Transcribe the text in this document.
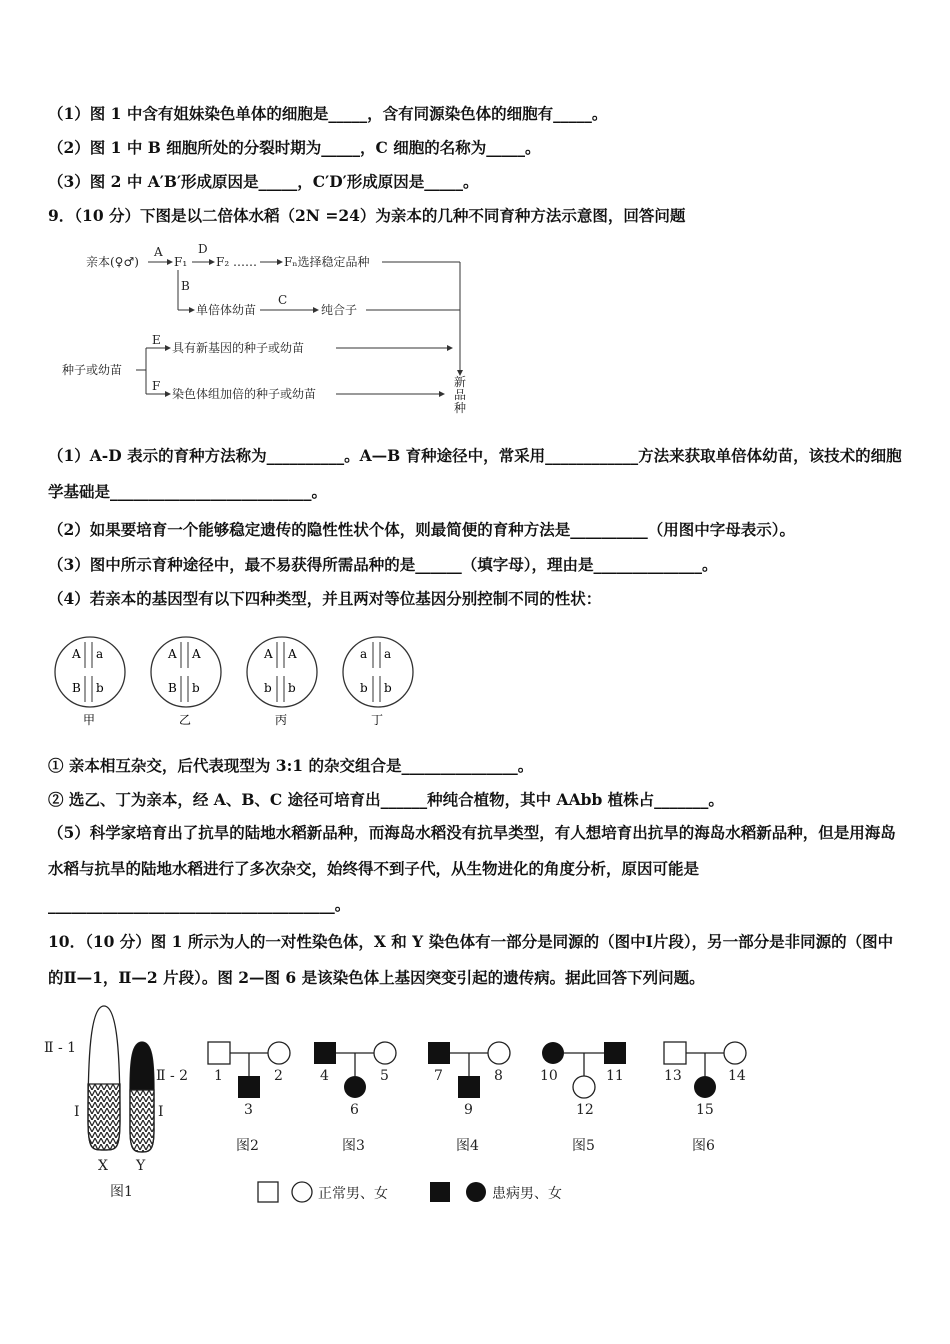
（1）图 1 中含有姐妹染色单体的细胞是_____，含有同源染色体的细胞有_____。
（2）图 1 中 B 细胞所处的分裂时期为_____，C 细胞的名称为_____。
（3）图 2 中 A′B′形成原因是_____，C′D′形成原因是_____。
9．（10 分）下图是以二倍体水稻（2N =24）为亲本的几种不同育种方法示意图，回答问题
亲本(♀♂)
A
F₁
D
F₂ …… Fₙ选择稳定品种
B
单倍体幼苗
C
纯合子
种子或幼苗
E
具有新基因的种子或幼苗
F
染色体组加倍的种子或幼苗
新
品
种
（1）A-D 表示的育种方法称为__________。A—B 育种途径中，常采用____________方法来获取单倍体幼苗，该技术的细胞学基础是__________________________。
（2）如果要培育一个能够稳定遗传的隐性性状个体，则最简便的育种方法是__________（用图中字母表示）。
（3）图中所示育种途径中，最不易获得所需品种的是______（填字母），理由是______________。
（4）若亲本的基因型有以下四种类型，并且两对等位基因分别控制不同的性状：
A a
B b
甲
A A
B b
乙
A A
b b
丙
a a
b b
丁
① 亲本相互杂交，后代表现型为 3:1 的杂交组合是_______________。
② 选乙、丁为亲本，经 A、B、C 途径可培育出______种纯合植物，其中 AAbb 植株占_______。
（5）科学家培育出了抗旱的陆地水稻新品种，而海岛水稻没有抗旱类型，有人想培育出抗旱的海岛水稻新品种，但是用海岛水稻与抗旱的陆地水稻进行了多次杂交，始终得不到子代，从生物进化的角度分析，原因可能是_____________________________________。
10．（10 分）图 1 所示为人的一对性染色体，X 和 Y 染色体有一部分是同源的（图中Ⅰ片段），另一部分是非同源的（图中的Ⅱ—1，Ⅱ—2 片段）。图 2—图 6 是该染色体上基因突变引起的遗传病。据此回答下列问题。
Ⅱ - 1
Ⅱ - 2
Ⅰ	Ⅰ
X Y
图1
1	2
3
图2
4	5
6
图3
7	8
9
图4
10	11
12
图5
13	14
15
图6
正常男、女	患病男、女
